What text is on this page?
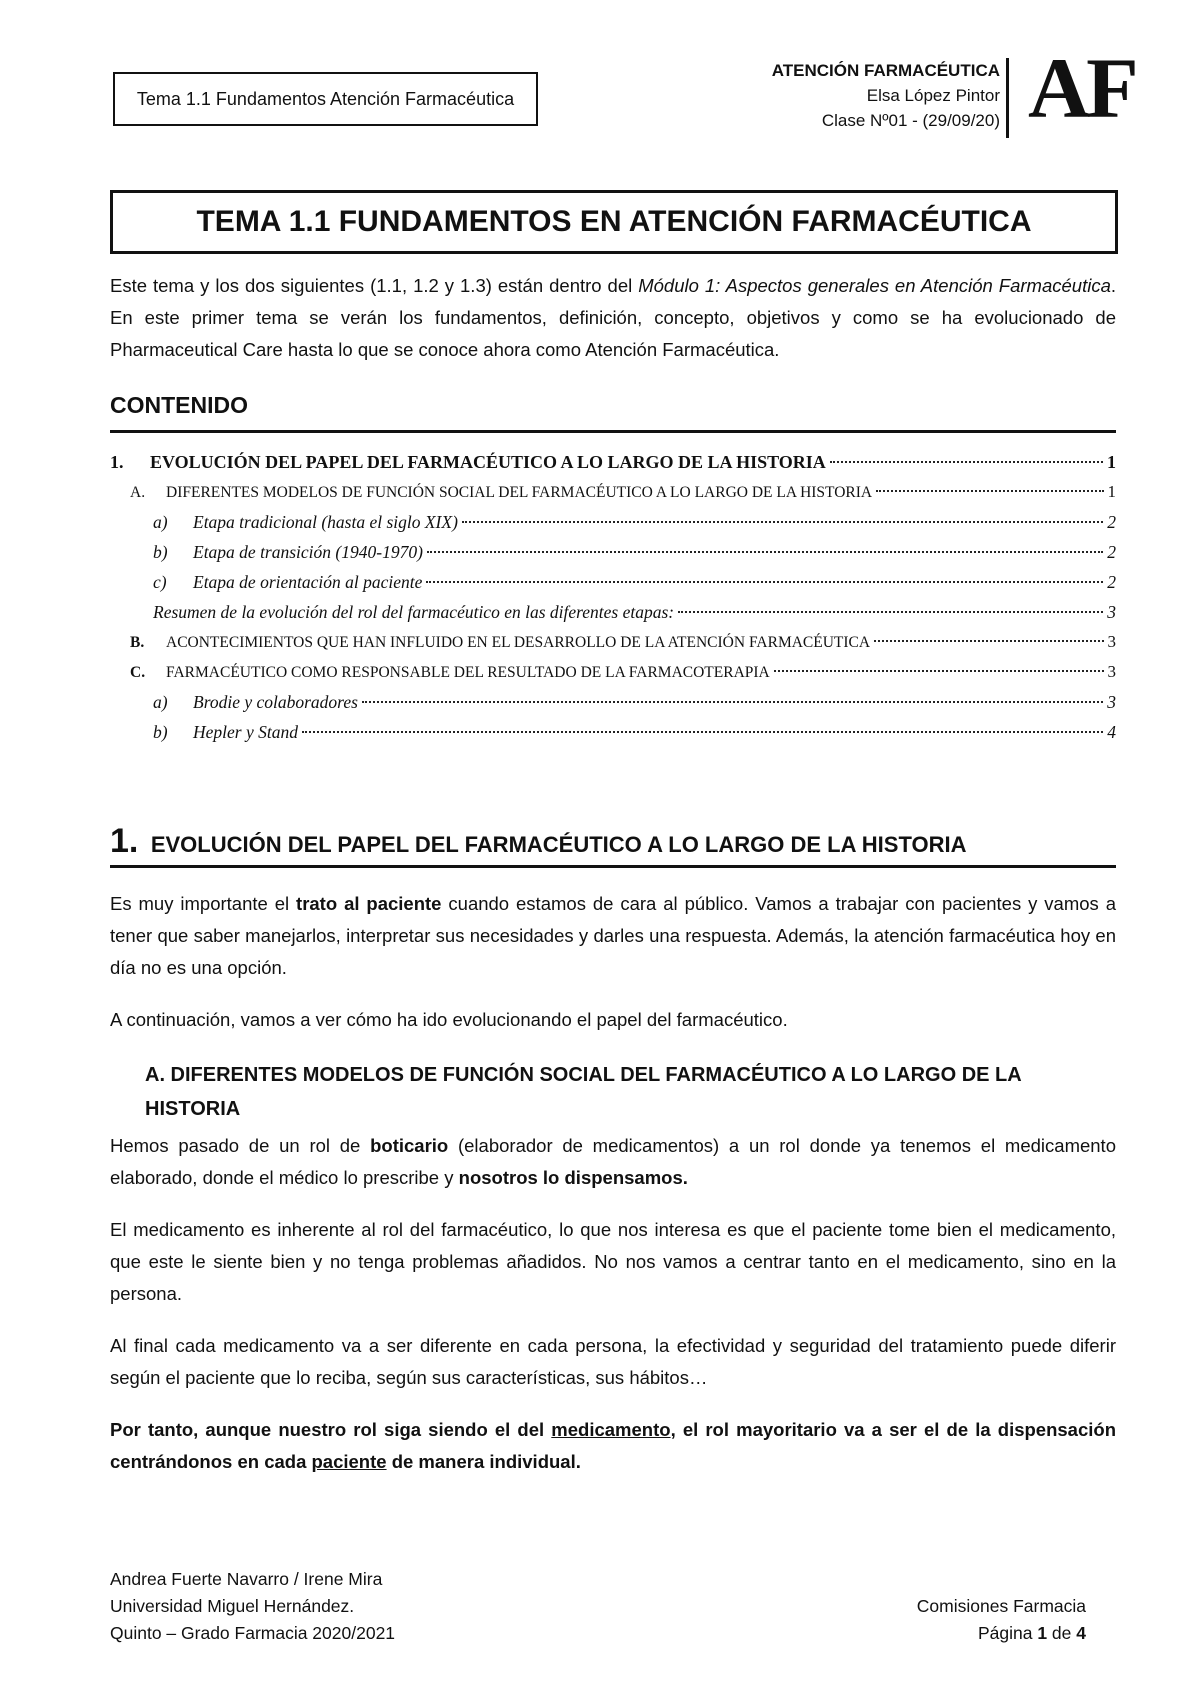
Tema 1.1 Fundamentos Atención Farmacéutica
ATENCIÓN FARMACÉUTICA
Elsa López Pintor
Clase Nº01 - (29/09/20) AF
TEMA 1.1 FUNDAMENTOS EN ATENCIÓN FARMACÉUTICA
Este tema y los dos siguientes (1.1, 1.2 y 1.3) están dentro del Módulo 1: Aspectos generales en Atención Farmacéutica. En este primer tema se verán los fundamentos, definición, concepto, objetivos y como se ha evolucionado de Pharmaceutical Care hasta lo que se conoce ahora como Atención Farmacéutica.
CONTENIDO
1.	EVOLUCIÓN DEL PAPEL DEL FARMACÉUTICO A LO LARGO DE LA HISTORIA	1
A.	DIFERENTES MODELOS DE FUNCIÓN SOCIAL DEL FARMACÉUTICO A LO LARGO DE LA HISTORIA	1
a)	Etapa tradicional (hasta el siglo XIX)	2
b)	Etapa de transición (1940-1970)	2
c)	Etapa de orientación al paciente	2
Resumen de la evolución del rol del farmacéutico en las diferentes etapas:	3
B.	ACONTECIMIENTOS QUE HAN INFLUIDO EN EL DESARROLLO DE LA ATENCIÓN FARMACÉUTICA	3
C.	FARMACÉUTICO COMO RESPONSABLE DEL RESULTADO DE LA FARMACOTERAPIA	3
a)	Brodie y colaboradores	3
b)	Hepler y Stand	4
1. EVOLUCIÓN DEL PAPEL DEL FARMACÉUTICO A LO LARGO DE LA HISTORIA
Es muy importante el trato al paciente cuando estamos de cara al público. Vamos a trabajar con pacientes y vamos a tener que saber manejarlos, interpretar sus necesidades y darles una respuesta. Además, la atención farmacéutica hoy en día no es una opción.
A continuación, vamos a ver cómo ha ido evolucionando el papel del farmacéutico.
A. DIFERENTES MODELOS DE FUNCIÓN SOCIAL DEL FARMACÉUTICO A LO LARGO DE LA HISTORIA
Hemos pasado de un rol de boticario (elaborador de medicamentos) a un rol donde ya tenemos el medicamento elaborado, donde el médico lo prescribe y nosotros lo dispensamos.
El medicamento es inherente al rol del farmacéutico, lo que nos interesa es que el paciente tome bien el medicamento, que este le siente bien y no tenga problemas añadidos. No nos vamos a centrar tanto en el medicamento, sino en la persona.
Al final cada medicamento va a ser diferente en cada persona, la efectividad y seguridad del tratamiento puede diferir según el paciente que lo reciba, según sus características, sus hábitos…
Por tanto, aunque nuestro rol siga siendo el del medicamento, el rol mayoritario va a ser el de la dispensación centrándonos en cada paciente de manera individual.
Andrea Fuerte Navarro / Irene Mira
Universidad Miguel Hernández.
Quinto – Grado Farmacia 2020/2021
Comisiones Farmacia
Página 1 de 4
